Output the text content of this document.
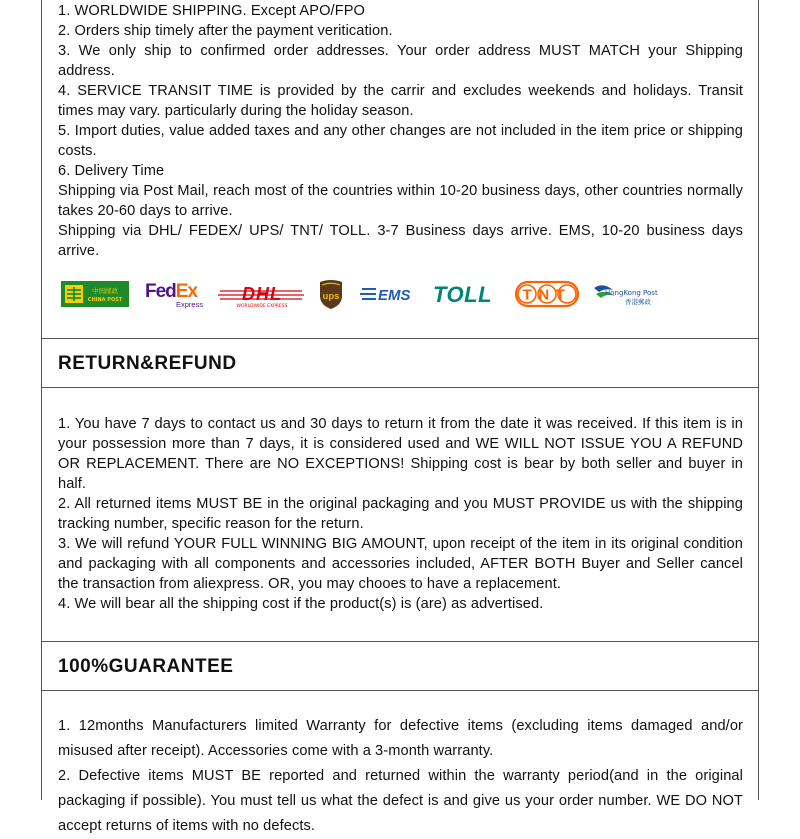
1. WORLDWIDE SHIPPING. Except APO/FPO

2. Orders ship timely after the payment veritication.

3. We only ship to confirmed order addresses. Your order address MUST MATCH your Shipping address.

4. SERVICE TRANSIT TIME is provided by the carrir and excludes weekends and holidays. Transit times may vary. particularly during the holiday season.

5. Import duties, value added taxes and any other changes are not included in the item price or shipping costs.

6. Delivery Time

Shipping via Post Mail, reach most of the countries within 10-20 business days, other countries normally takes 20-60 days to arrive.

Shipping via DHL/ FEDEX/ UPS/ TNT/ TOLL. 3-7 Business days arrive. EMS, 10-20 business days arrive.

中国邮政
CHINA POST FedEx
Express
DHL
WORLDWIDE EXPRESS
ups	EMS TOLL TNT	HongKong Post
香港郵政
RETURN&REFUND

1. You have 7 days to contact us and 30 days to return it from the date it was received. If this item is in your possession more than 7 days, it is considered used and WE WILL NOT ISSUE YOU A REFUND OR REPLACEMENT. There are NO EXCEPTIONS! Shipping cost is bear by both seller and buyer in half.

2. All returned items MUST BE in the original packaging and you MUST PROVIDE us with the shipping tracking number, specific reason for the return.

3. We will refund YOUR FULL WINNING BIG AMOUNT, upon receipt of the item in its original condition and packaging with all components and accessories included, AFTER BOTH Buyer and Seller cancel the transaction from aliexpress. OR, you may chooes to have a replacement.

4. We will bear all the shipping cost if the product(s) is (are) as advertised.

100%GUARANTEE

1. 12months Manufacturers limited Warranty for defective items (excluding items damaged and/or misused after receipt). Accessories come with a 3-month warranty.

2. Defective items MUST BE reported and returned within the warranty period(and in the original packaging if possible). You must tell us what the defect is and give us your order number. WE DO NOT accept returns of items with no defects.
